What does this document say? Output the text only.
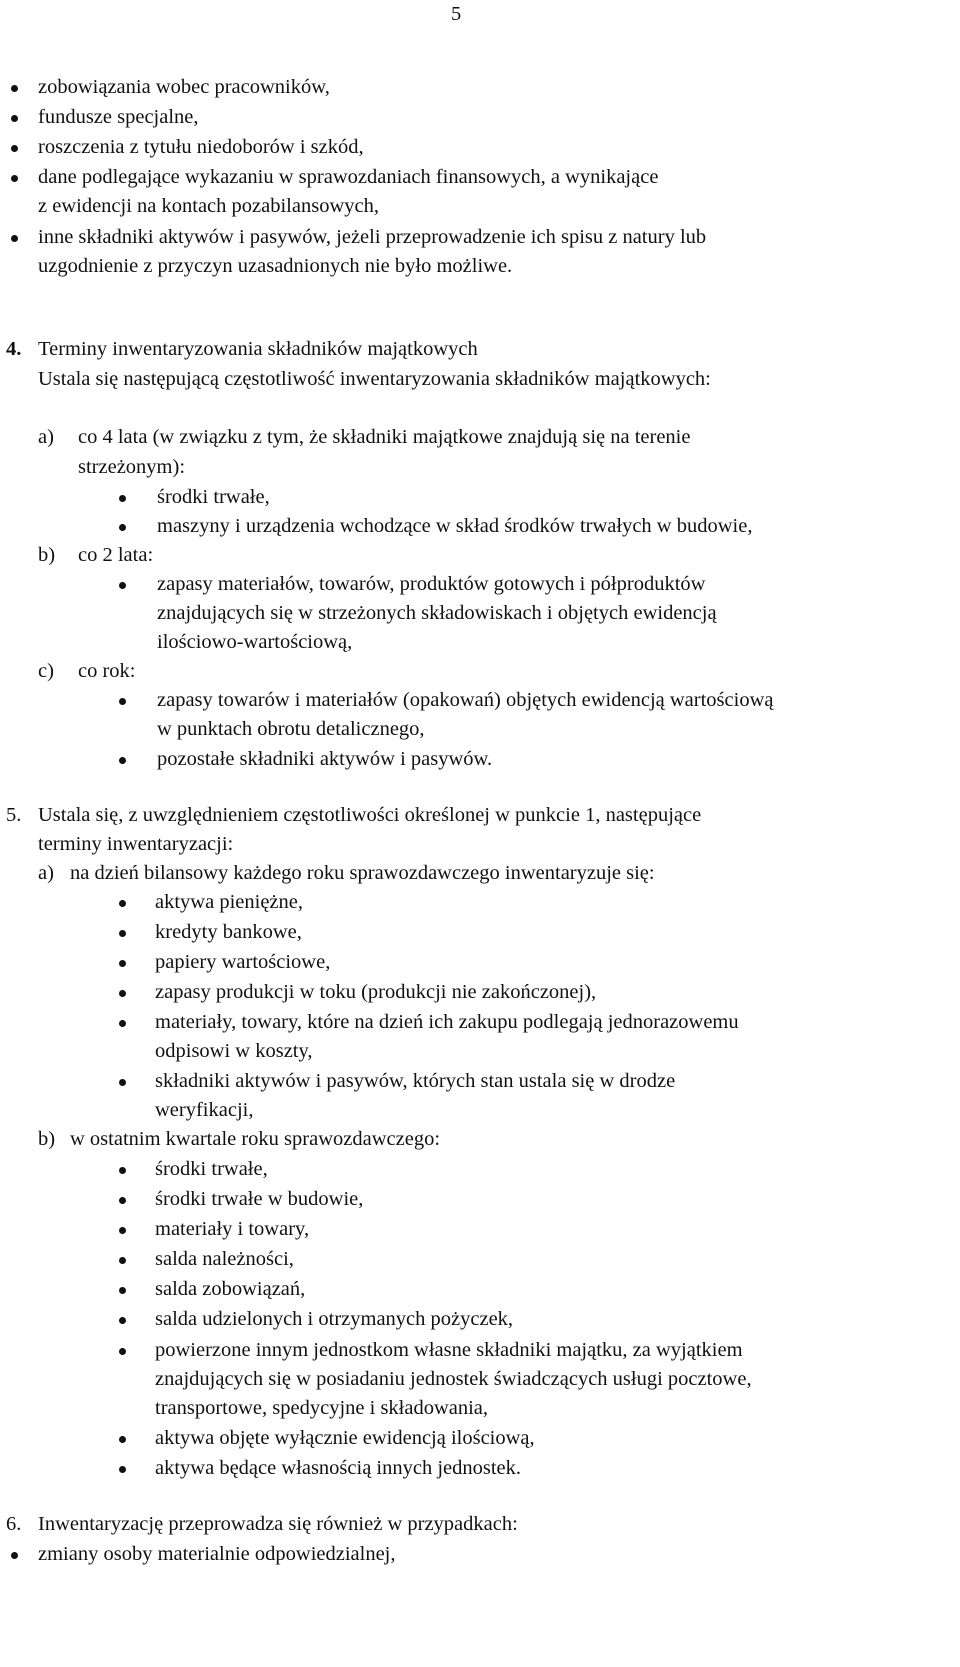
5
zobowiązania wobec pracowników,
fundusze specjalne,
roszczenia z tytułu niedoborów i szkód,
dane podlegające wykazaniu w sprawozdaniach finansowych, a wynikające
z ewidencji na kontach pozabilansowych,
inne składniki aktywów i pasywów, jeżeli przeprowadzenie ich spisu z natury lub
uzgodnienie z przyczyn uzasadnionych nie było możliwe.
4. Terminy inwentaryzowania składników majątkowych
Ustala się następującą częstotliwość inwentaryzowania składników majątkowych:
a) co 4 lata (w związku z tym, że składniki majątkowe znajdują się na terenie
strzeżonym):
środki trwałe,
maszyny i urządzenia wchodzące w skład środków trwałych w budowie,
b) co 2 lata:
zapasy materiałów, towarów, produktów gotowych i półproduktów
znajdujących się w strzeżonych składowiskach i objętych ewidencją
ilościowo-wartościową,
c) co rok:
zapasy towarów i materiałów (opakowań) objętych ewidencją wartościową
w punktach obrotu detalicznego,
pozostałe składniki aktywów i pasywów.
5. Ustala się, z uwzględnieniem częstotliwości określonej w punkcie 1, następujące
terminy inwentaryzacji:
a) na dzień bilansowy każdego roku sprawozdawczego inwentaryzuje się:
aktywa pieniężne,
kredyty bankowe,
papiery wartościowe,
zapasy produkcji w toku (produkcji nie zakończonej),
materiały, towary, które na dzień ich zakupu podlegają jednorazowemu
odpisowi w koszty,
składniki aktywów i pasywów, których stan ustala się w drodze
weryfikacji,
b) w ostatnim kwartale roku sprawozdawczego:
środki trwałe,
środki trwałe w budowie,
materiały i towary,
salda należności,
salda zobowiązań,
salda udzielonych i otrzymanych pożyczek,
powierzone innym jednostkom własne składniki majątku, za wyjątkiem
znajdujących się w posiadaniu jednostek świadczących usługi pocztowe,
transportowe, spedycyjne i składowania,
aktywa objęte wyłącznie ewidencją ilościową,
aktywa będące własnością innych jednostek.
6. Inwentaryzację przeprowadza się również w przypadkach:
zmiany osoby materialnie odpowiedzialnej,
